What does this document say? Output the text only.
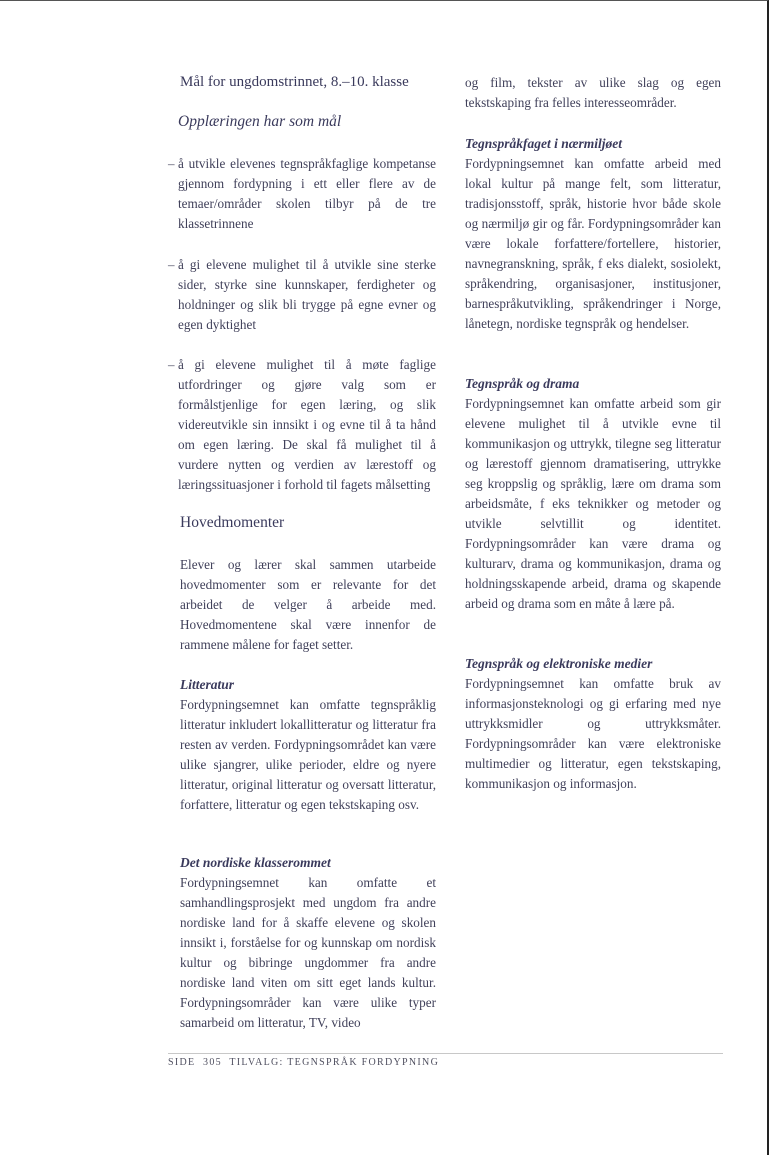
Mål for ungdomstrinnet, 8.–10. klasse
Opplæringen har som mål
– å utvikle elevenes tegnspråkfaglige kompetanse gjennom fordypning i ett eller flere av de temaer/områder skolen tilbyr på de tre klassetrinnene

– å gi elevene mulighet til å utvikle sine sterke sider, styrke sine kunnskaper, ferdigheter og holdninger og slik bli trygge på egne evner og egen dyktighet

– å gi elevene mulighet til å møte faglige utfordringer og gjøre valg som er formålstjenlige for egen læring, og slik videreutvikle sin innsikt i og evne til å ta hånd om egen læring. De skal få mulighet til å vurdere nytten og verdien av lærestoff og læringssituasjoner i forhold til fagets målsetting

Hovedmomenter

Elever og lærer skal sammen utarbeide hovedmomenter som er relevante for det arbeidet de velger å arbeide med. Hovedmomentene skal være innenfor de rammene målene for faget setter.

Litteratur

Fordypningsemnet kan omfatte tegnspråklig litteratur inkludert lokallitteratur og litteratur fra resten av verden. Fordypningsområdet kan være ulike sjangrer, ulike perioder, eldre og nyere litteratur, original litteratur og oversatt litteratur, forfattere, litteratur og egen tekstskaping osv.

Det nordiske klasserommet

Fordypningsemnet kan omfatte et samhandlingsprosjekt med ungdom fra andre nordiske land for å skaffe elevene og skolen innsikt i, forståelse for og kunnskap om nordisk kultur og bibringe ungdommer fra andre nordiske land viten om sitt eget lands kultur. Fordypningsområder kan være ulike typer samarbeid om litteratur, TV, video

og film, tekster av ulike slag og egen tekstskaping fra felles interesseområder.

Tegnspråkfaget i nærmiljøet

Fordypningsemnet kan omfatte arbeid med lokal kultur på mange felt, som litteratur, tradisjonsstoff, språk, historie hvor både skole og nærmiljø gir og får. Fordypningsområder kan være lokale forfattere/fortellere, historier, navnegranskning, språk, f eks dialekt, sosiolekt, språkendring, organisasjoner, institusjoner, barnespråkutvikling, språkendringer i Norge, lånetegn, nordiske tegnspråk og hendelser.

Tegnspråk og drama

Fordypningsemnet kan omfatte arbeid som gir elevene mulighet til å utvikle evne til kommunikasjon og uttrykk, tilegne seg litteratur og lærestoff gjennom dramatisering, uttrykke seg kroppslig og språklig, lære om drama som arbeidsmåte, f eks teknikker og metoder og utvikle selvtillit og identitet. Fordypningsområder kan være drama og kulturarv, drama og kommunikasjon, drama og holdningsskapende arbeid, drama og skapende arbeid og drama som en måte å lære på.

Tegnspråk og elektroniske medier

Fordypningsemnet kan omfatte bruk av informasjonsteknologi og gi erfaring med nye uttrykksmidler og uttrykksmåter. Fordypningsområder kan være elektroniske multimedier og litteratur, egen tekstskaping, kommunikasjon og informasjon.

SIDE  305  TILVALG: TEGNSPRÅK FORDYPNING
